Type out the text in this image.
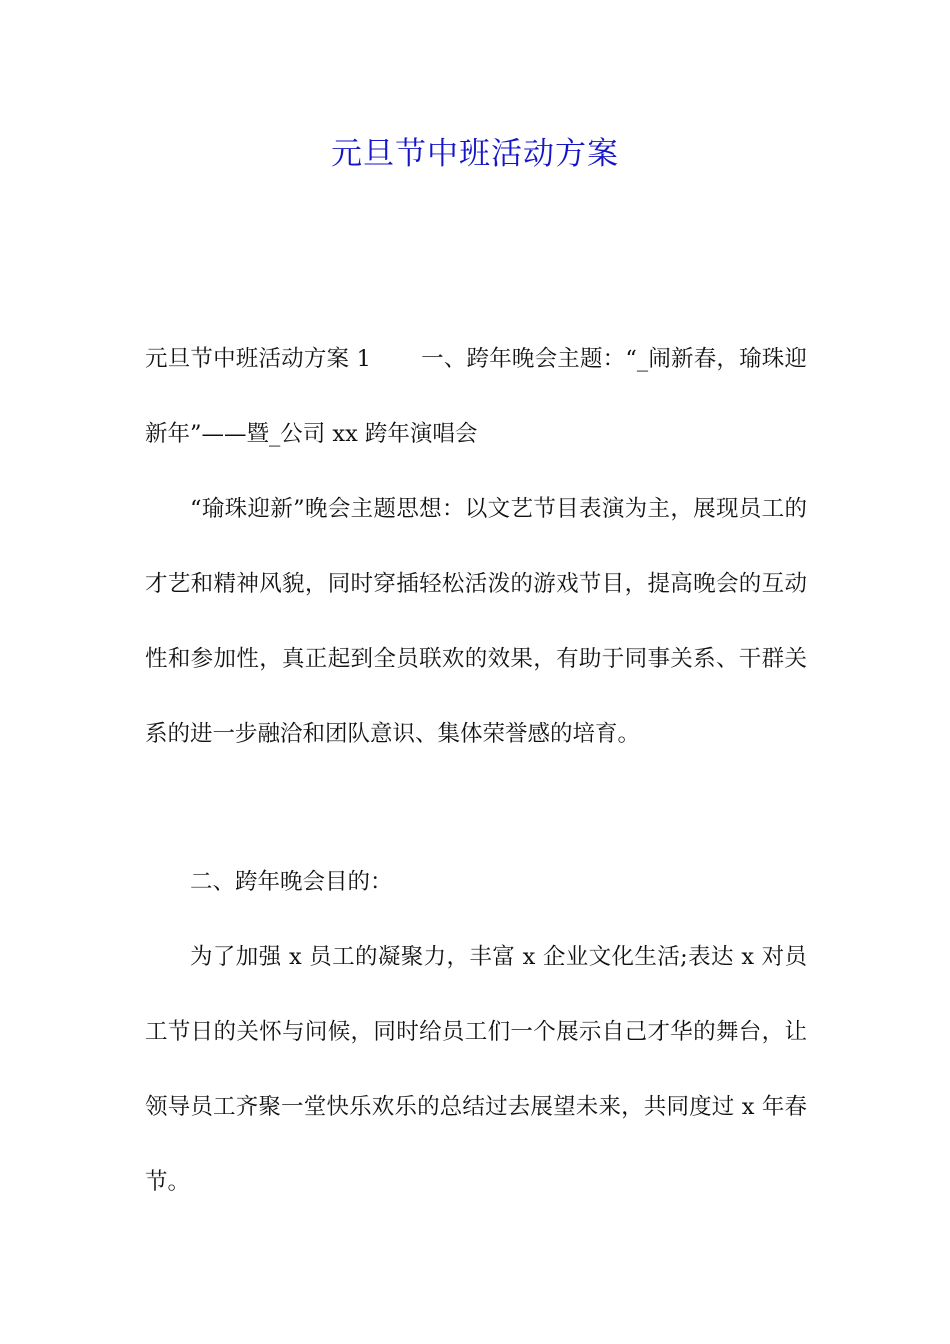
元旦节中班活动方案

元旦节中班活动方案 1 一、跨年晚会主题：“_闹新春，瑜珠迎新年”——暨_公司 xx 跨年演唱会

“瑜珠迎新”晚会主题思想：以文艺节目表演为主，展现员工的才艺和精神风貌，同时穿插轻松活泼的游戏节目，提高晚会的互动性和参加性，真正起到全员联欢的效果，有助于同事关系、干群关系的进一步融洽和团队意识、集体荣誉感的培育。

二、跨年晚会目的：

为了加强 x 员工的凝聚力，丰富 x 企业文化生活;表达 x 对员工节日的关怀与问候，同时给员工们一个展示自己才华的舞台，让领导员工齐聚一堂快乐欢乐的总结过去展望未来，共同度过 x 年春节。
